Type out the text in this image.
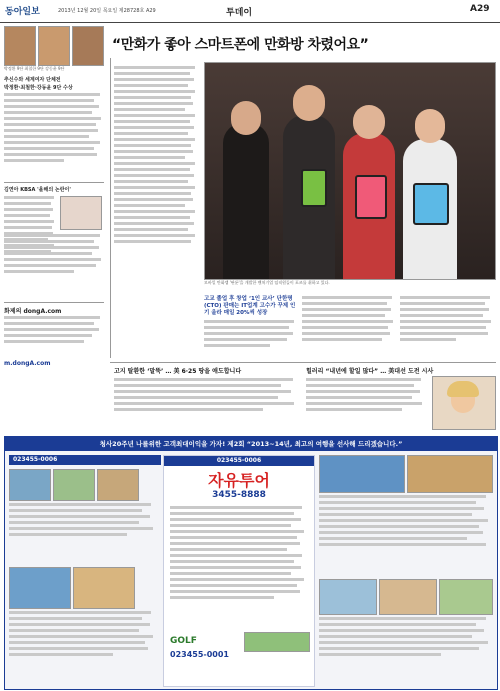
동아일보	2013년 12월 20일 목요일 제28728호 A29	투데이	A29
박정환 9단 최철한 9단 강동윤 9단
추신수와 세계여자 단체전
박정환·최철한·강동윤 9단 수상
김연아 KBSA '올해의 논란이'
화제의 dongA.com
m.dongA.com
“만화가 좋아 스마트폰에 만화방 차렸어요”
모바일 만화앱 '판툰'을 개발한 벤처기업 임직원들이 포즈를 취하고 있다.
고교 졸업 후 창업 ‘1인 교사’ 단한명
(CTO) 판매는 IT업계 고수가 꾸제 인기 올라 매일 20%씩 성장
고지 탈환한 ‘말뚝’ … 美 6·25 땅을 애도합니다	힐러리 “내년에 할일 많다” … 美대선 도전 시사
청사20주년 나를위한 고객최대이익을 가자! 제2회 “2013~14년, 최고의 여행을 선사해 드리겠습니다.”
023455-0006	023455-0006
자유투어
3455-8888
GOLF
023455-0001
